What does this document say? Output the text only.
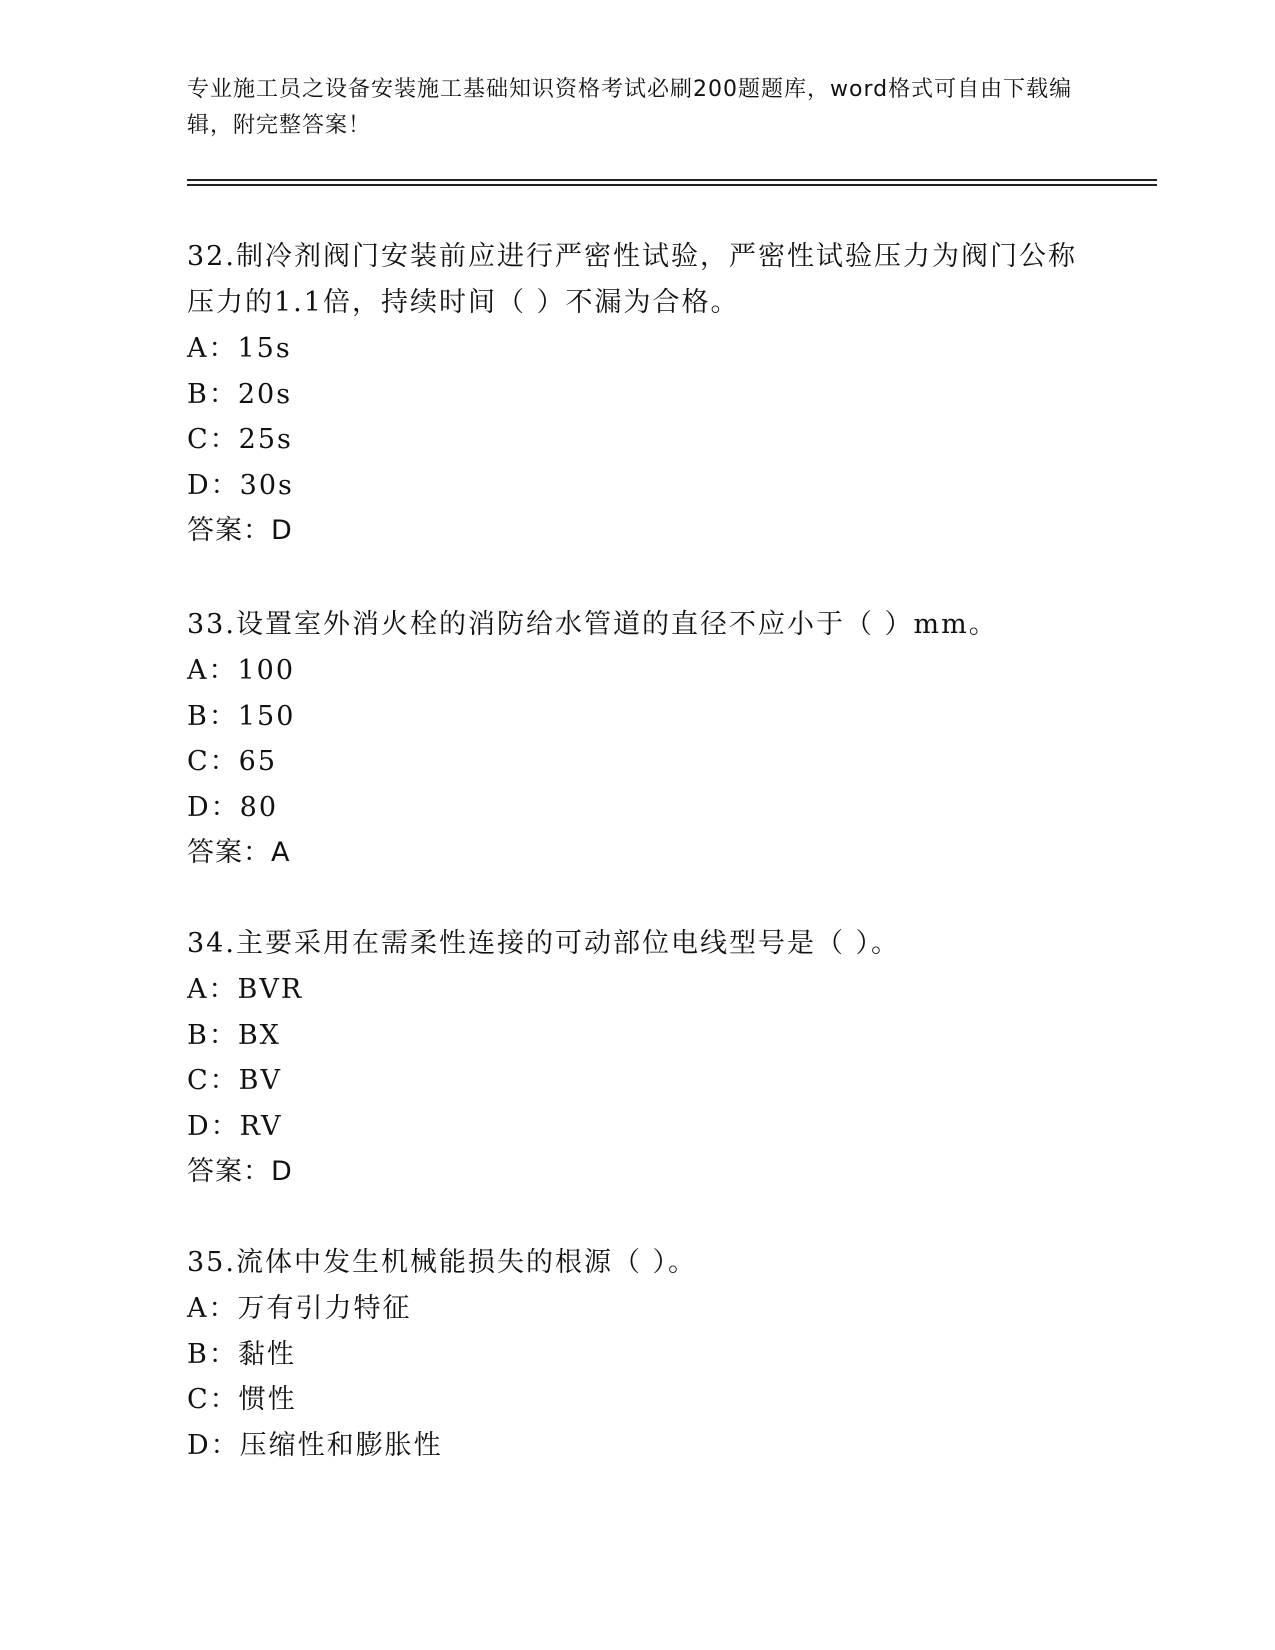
专业施工员之设备安装施工基础知识资格考试必刷200题题库，word格式可自由下载编辑，附完整答案！
32.制冷剂阀门安装前应进行严密性试验，严密性试验压力为阀门公称压力的1.1倍，持续时间（ ）不漏为合格。
A：15s
B：20s
C：25s
D：30s
答案：D
33.设置室外消火栓的消防给水管道的直径不应小于（ ）mm。
A：100
B：150
C：65
D：80
答案：A
34.主要采用在需柔性连接的可动部位电线型号是（ ）。
A：BVR
B：BX
C：BV
D：RV
答案：D
35.流体中发生机械能损失的根源（ ）。
A：万有引力特征
B：黏性
C：惯性
D：压缩性和膨胀性
